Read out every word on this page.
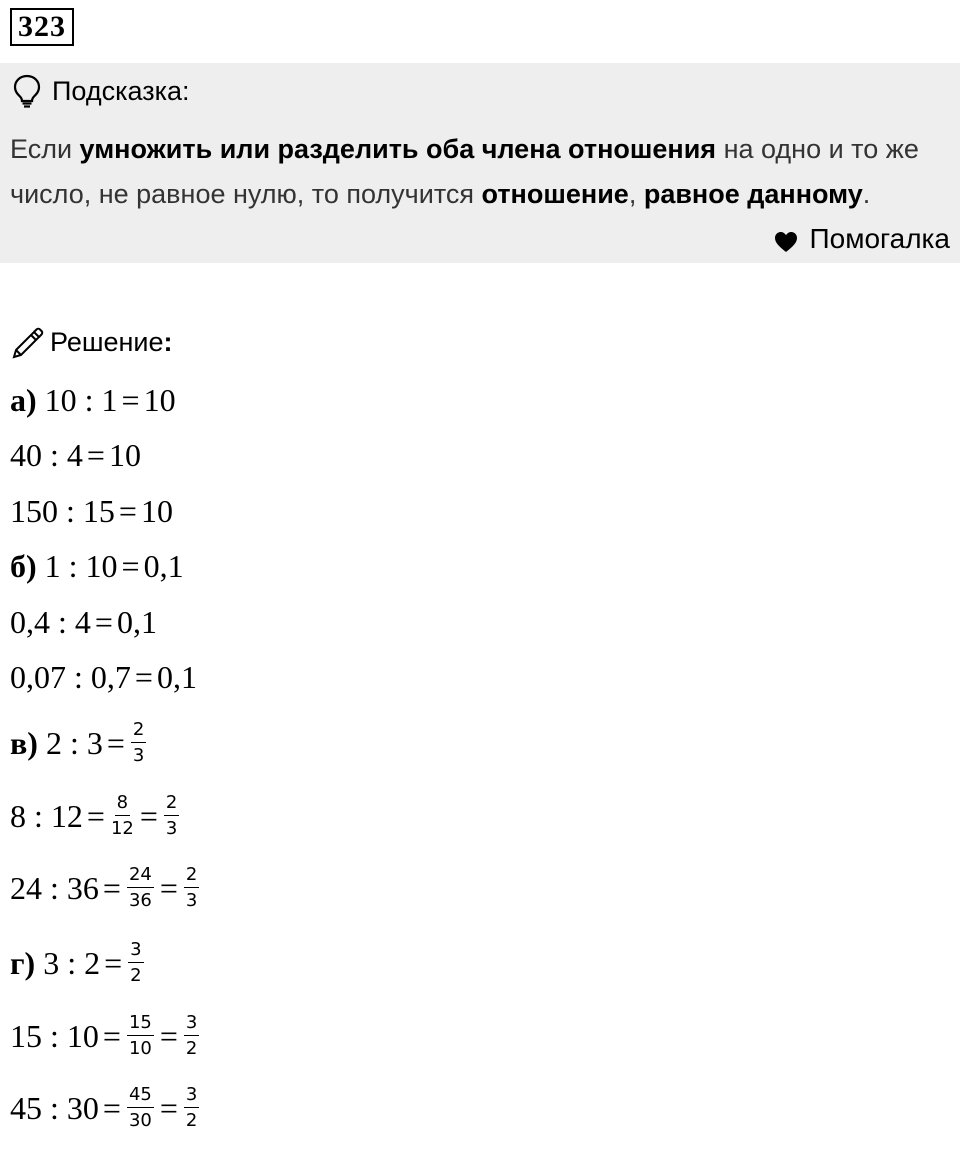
323
Подсказка:
Если умножить или разделить оба члена отношения на одно и то же число, не равное нулю, то получится отношение, равное данному.
Помогалка
Решение :
а) 10 : 1 = 10
40 : 4 = 10
150 : 15 = 10
б) 1 : 10 = 0,1
0,4 : 4 = 0,1
0,07 : 0,7 = 0,1
в) 2 : $3 = \frac{2}{3}$
8 : $12 = \frac{8}{12} = \frac{2}{3}$
24 : $36 = \frac{24}{36} = \frac{2}{3}$
г) 3 : $2 = \frac{3}{2}$
15 : $10 = \frac{15}{10} = \frac{3}{2}$
45 : $30 = \frac{45}{30} = \frac{3}{2}$
